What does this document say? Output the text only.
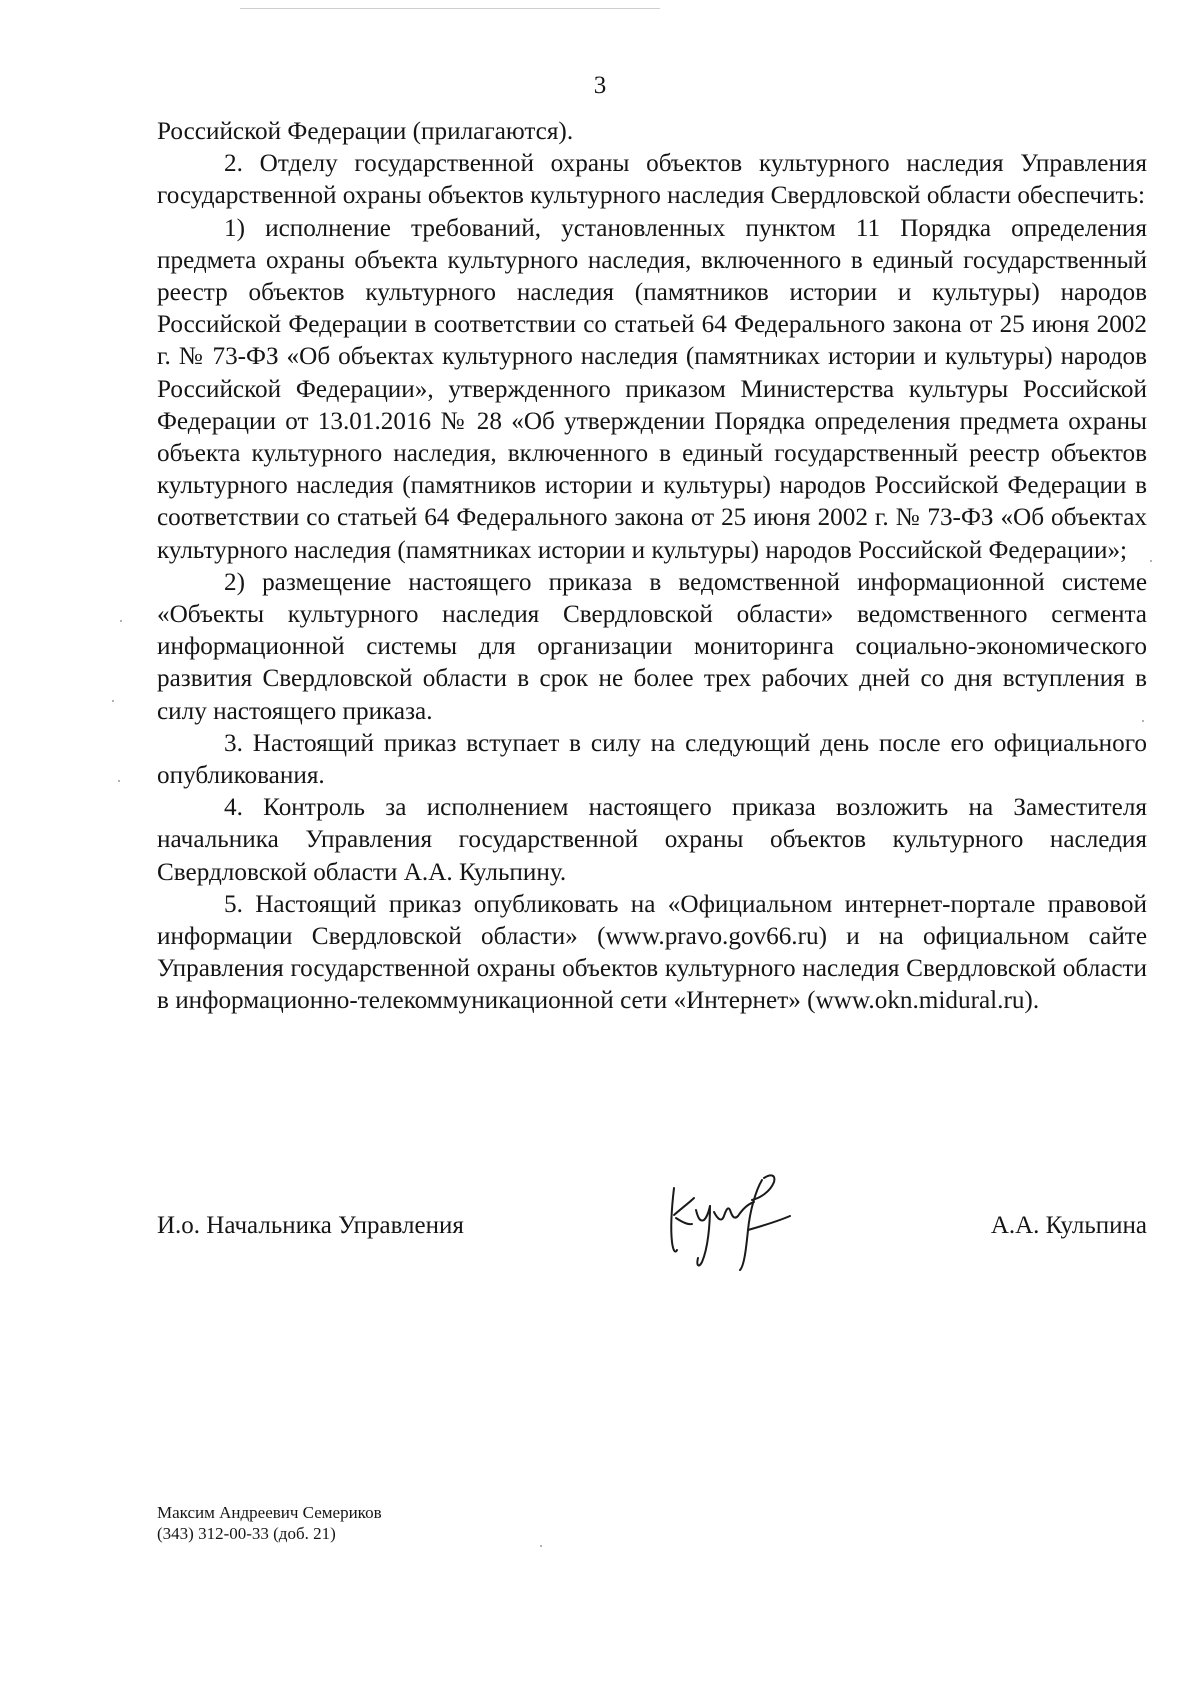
3

Российской Федерации (прилагаются).

2. Отделу государственной охраны объектов культурного наследия Управления государственной охраны объектов культурного наследия Свердловской области обеспечить:

1) исполнение требований, установленных пунктом 11 Порядка определения предмета охраны объекта культурного наследия, включенного в единый государственный реестр объектов культурного наследия (памятников истории и культуры) народов Российской Федерации в соответствии со статьей 64 Федерального закона от 25 июня 2002 г. № 73-ФЗ «Об объектах культурного наследия (памятниках истории и культуры) народов Российской Федерации», утвержденного приказом Министерства культуры Российской Федерации от 13.01.2016 № 28 «Об утверждении Порядка определения предмета охраны объекта культурного наследия, включенного в единый государственный реестр объектов культурного наследия (памятников истории и культуры) народов Российской Федерации в соответствии со статьей 64 Федерального закона от 25 июня 2002 г. № 73-ФЗ «Об объектах культурного наследия (памятниках истории и культуры) народов Российской Федерации»;

2) размещение настоящего приказа в ведомственной информационной системе «Объекты культурного наследия Свердловской области» ведомственного сегмента информационной системы для организации мониторинга социально-экономического развития Свердловской области в срок не более трех рабочих дней со дня вступления в силу настоящего приказа.

3. Настоящий приказ вступает в силу на следующий день после его официального опубликования.

4. Контроль за исполнением настоящего приказа возложить на Заместителя начальника Управления государственной охраны объектов культурного наследия Свердловской области А.А. Кульпину.

5. Настоящий приказ опубликовать на «Официальном интернет-портале правовой информации Свердловской области» (www.pravo.gov66.ru) и на официальном сайте Управления государственной охраны объектов культурного наследия Свердловской области в информационно-телекоммуникационной сети «Интернет» (www.okn.midural.ru).

И.о. Начальника Управления	А.А. Кульпина
Максим Андреевич Семериков
(343) 312-00-33 (доб. 21)
